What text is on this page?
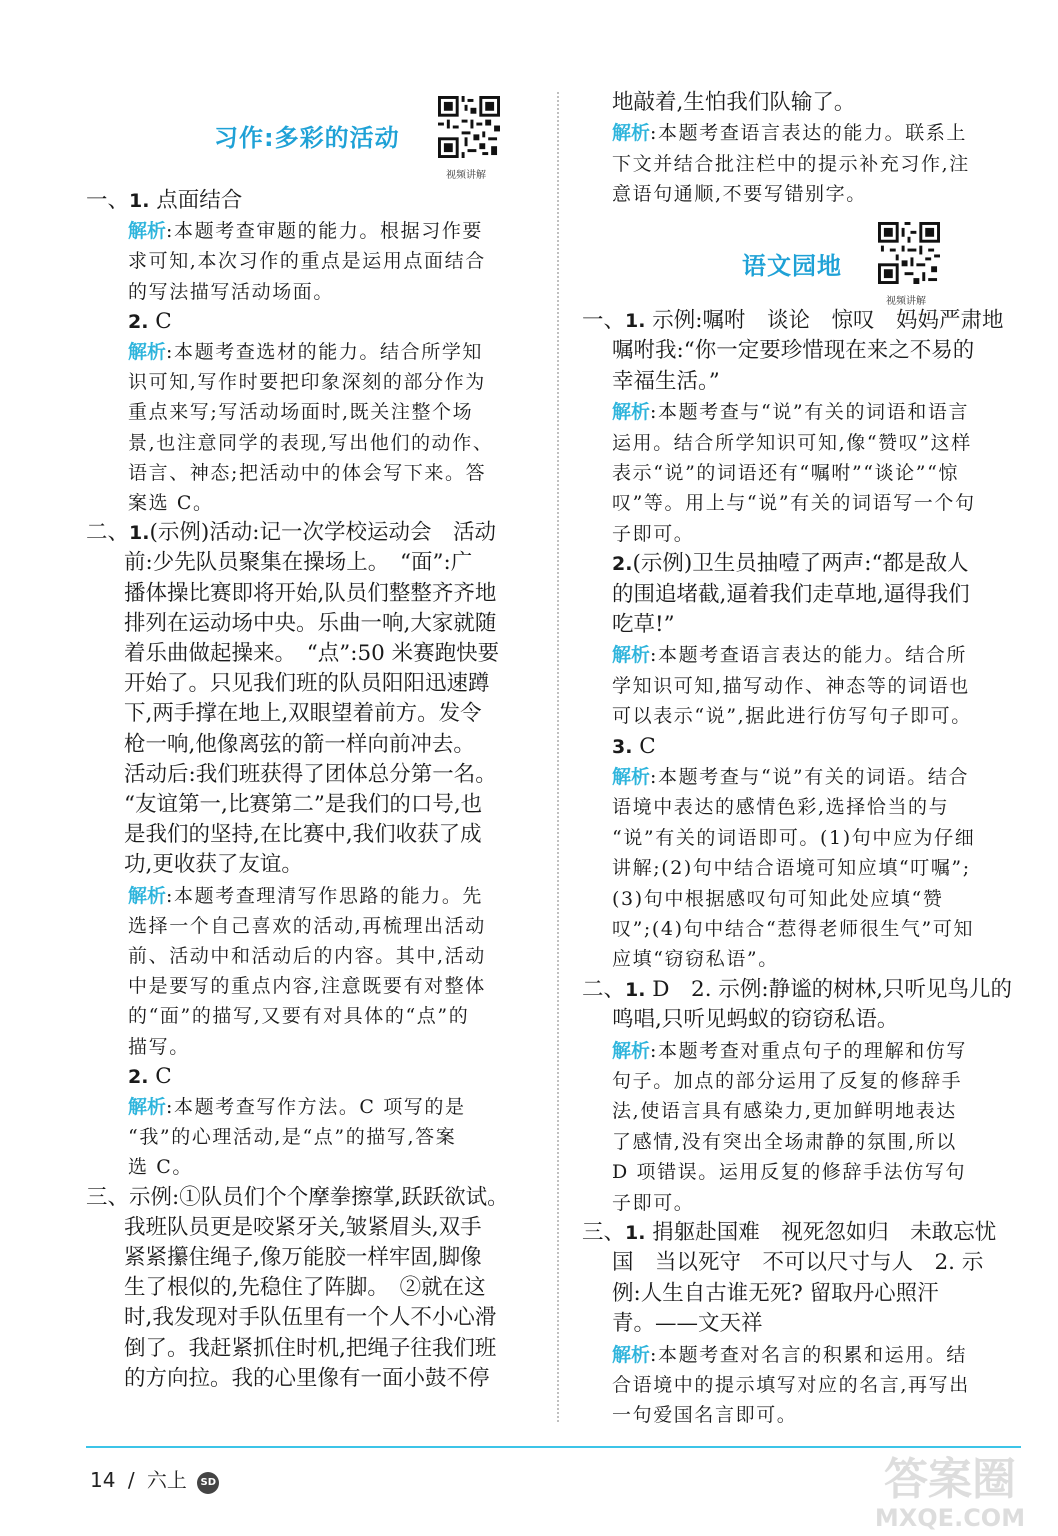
习作:多彩的活动
视频讲解
一、1. 点面结合
解析:本题考查审题的能力。根据习作要
求可知,本次习作的重点是运用点面结合
的写法描写活动场面。
2. C
解析:本题考查选材的能力。结合所学知
识可知,写作时要把印象深刻的部分作为
重点来写;写活动场面时,既关注整个场
景,也注意同学的表现,写出他们的动作、
语言、神态;把活动中的体会写下来。答
案选 C。
二、1.(示例)活动:记一次学校运动会　活动
前:少先队员聚集在操场上。　“面”:广
播体操比赛即将开始,队员们整整齐齐地
排列在运动场中央。乐曲一响,大家就随
着乐曲做起操来。　“点”:50 米赛跑快要
开始了。只见我们班的队员阳阳迅速蹲
下,两手撑在地上,双眼望着前方。发令
枪一响,他像离弦的箭一样向前冲去。
活动后:我们班获得了团体总分第一名。
“友谊第一,比赛第二”是我们的口号,也
是我们的坚持,在比赛中,我们收获了成
功,更收获了友谊。
解析:本题考查理清写作思路的能力。先
选择一个自己喜欢的活动,再梳理出活动
前、活动中和活动后的内容。其中,活动
中是要写的重点内容,注意既要有对整体
的“面”的描写,又要有对具体的“点”的
描写。
2. C
解析:本题考查写作方法。C 项写的是
“我”的心理活动,是“点”的描写,答案
选 C。
三、示例:①队员们个个摩拳擦掌,跃跃欲试。
我班队员更是咬紧牙关,皱紧眉头,双手
紧紧攥住绳子,像万能胶一样牢固,脚像
生了根似的,先稳住了阵脚。　②就在这
时,我发现对手队伍里有一个人不小心滑
倒了。我赶紧抓住时机,把绳子往我们班
的方向拉。我的心里像有一面小鼓不停
地敲着,生怕我们队输了。
解析:本题考查语言表达的能力。联系上
下文并结合批注栏中的提示补充习作,注
意语句通顺,不要写错别字。
语文园地
视频讲解
一、1. 示例:嘱咐　谈论　惊叹　妈妈严肃地
嘱咐我:“你一定要珍惜现在来之不易的
幸福生活。”
解析:本题考查与“说”有关的词语和语言
运用。结合所学知识可知,像“赞叹”这样
表示“说”的词语还有“嘱咐”“谈论”“惊
叹”等。用上与“说”有关的词语写一个句
子即可。
2.(示例)卫生员抽噎了两声:“都是敌人
的围追堵截,逼着我们走草地,逼得我们
吃草!”
解析:本题考查语言表达的能力。结合所
学知识可知,描写动作、神态等的词语也
可以表示“说”,据此进行仿写句子即可。
3. C
解析:本题考查与“说”有关的词语。结合
语境中表达的感情色彩,选择恰当的与
“说”有关的词语即可。(1)句中应为仔细
讲解;(2)句中结合语境可知应填“叮嘱”;
(3)句中根据感叹句可知此处应填“赞
叹”;(4)句中结合“惹得老师很生气”可知
应填“窃窃私语”。
二、1. D　2. 示例:静谧的树林,只听见鸟儿的
鸣唱,只听见蚂蚁的窃窃私语。
解析:本题考查对重点句子的理解和仿写
句子。加点的部分运用了反复的修辞手
法,使语言具有感染力,更加鲜明地表达
了感情,没有突出全场肃静的氛围,所以
D 项错误。运用反复的修辞手法仿写句
子即可。
三、1. 捐躯赴国难　视死忽如归　未敢忘忧
国　当以死守　不可以尺寸与人　2. 示
例:人生自古谁无死? 留取丹心照汗
青。——文天祥
解析:本题考查对名言的积累和运用。结
合语境中的提示填写对应的名言,再写出
一句爱国名言即可。
14 / 六上 SD	答案圈
MXQE.COM
